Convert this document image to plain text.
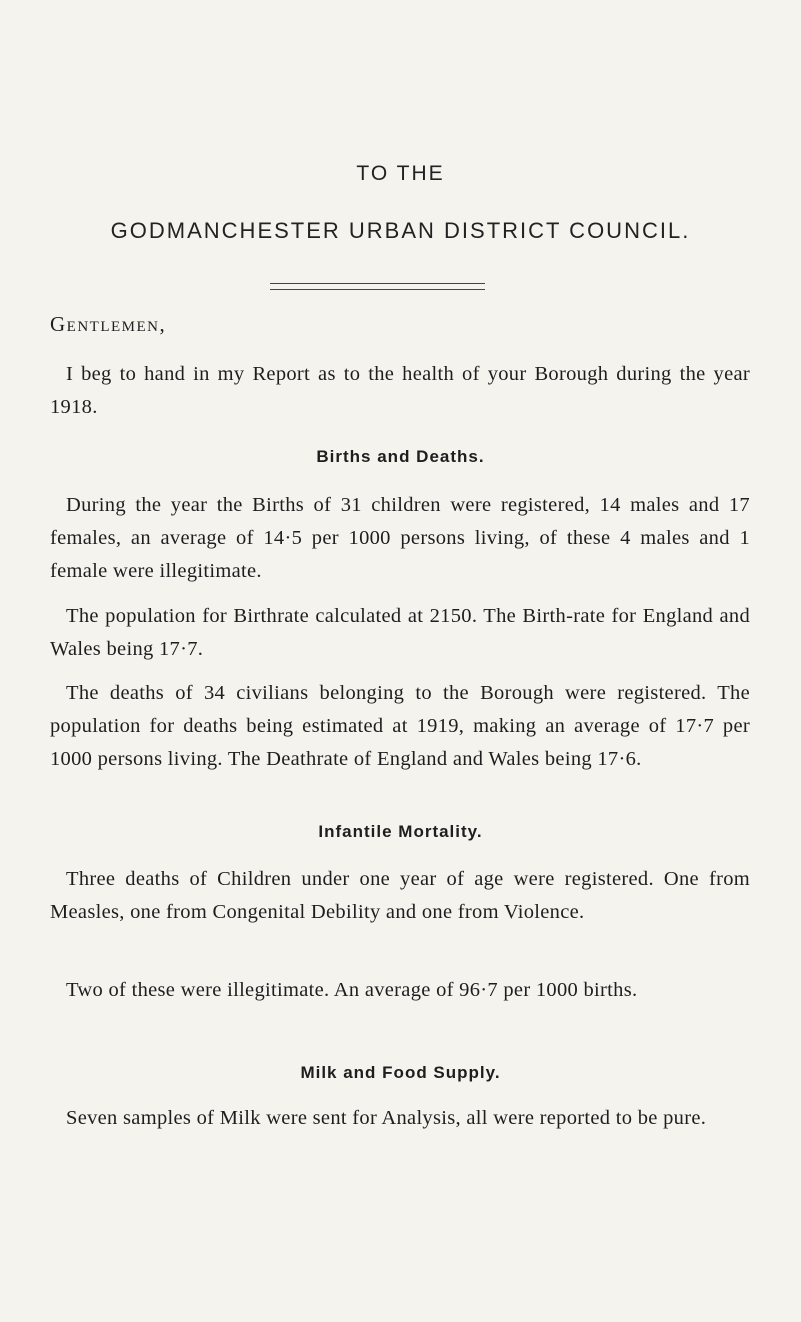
TO THE
GODMANCHESTER URBAN DISTRICT COUNCIL.
Gentlemen,
I beg to hand in my Report as to the health of your Borough during the year 1918.
Births and Deaths.
During the year the Births of 31 children were registered, 14 males and 17 females, an average of 14·5 per 1000 persons living, of these 4 males and 1 female were illegitimate.
The population for Birthrate calculated at 2150. The Birth-rate for England and Wales being 17·7.
The deaths of 34 civilians belonging to the Borough were registered. The population for deaths being estimated at 1919, making an average of 17·7 per 1000 persons living. The Deathrate of England and Wales being 17·6.
Infantile Mortality.
Three deaths of Children under one year of age were registered. One from Measles, one from Congenital Debility and one from Violence.
Two of these were illegitimate. An average of 96·7 per 1000 births.
Milk and Food Supply.
Seven samples of Milk were sent for Analysis, all were reported to be pure.
